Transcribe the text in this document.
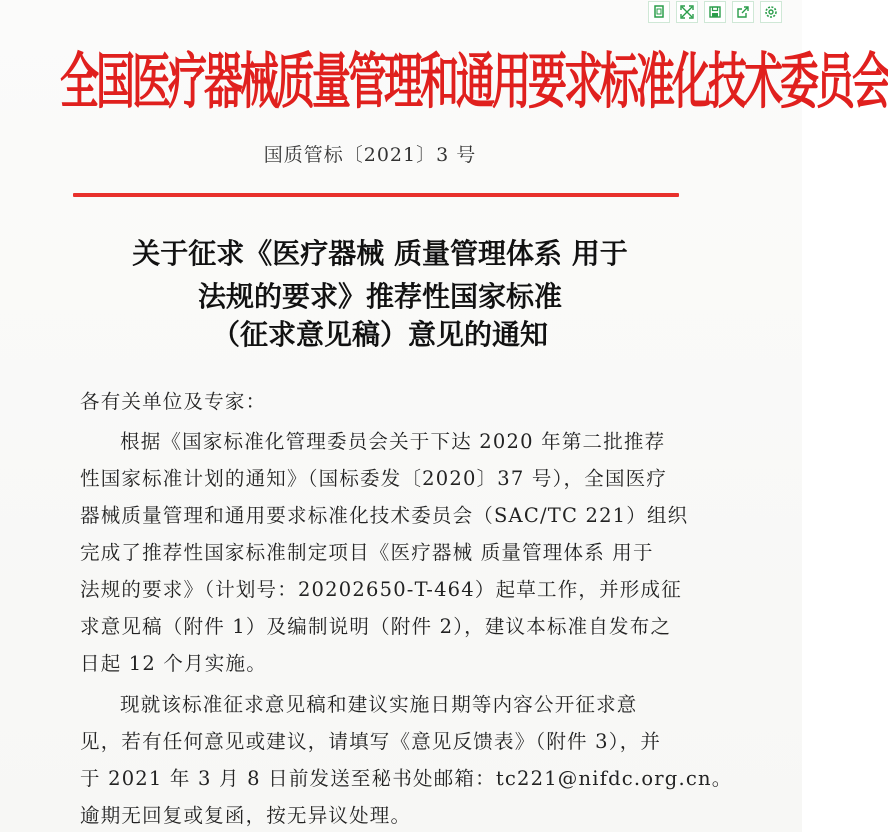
全国医疗器械质量管理和通用要求标准化技术委员会
国质管标〔2021〕3 号
关于征求《医疗器械 质量管理体系 用于
法规的要求》推荐性国家标准
（征求意见稿）意见的通知
各有关单位及专家：
根据《国家标准化管理委员会关于下达 2020 年第二批推荐
性国家标准计划的通知》（国标委发〔2020〕37 号），全国医疗
器械质量管理和通用要求标准化技术委员会（SAC/TC 221）组织
完成了推荐性国家标准制定项目《医疗器械 质量管理体系 用于
法规的要求》（计划号：20202650-T-464）起草工作，并形成征
求意见稿（附件 1）及编制说明（附件 2），建议本标准自发布之
日起 12 个月实施。
现就该标准征求意见稿和建议实施日期等内容公开征求意
见，若有任何意见或建议，请填写《意见反馈表》（附件 3），并
于 2021 年 3 月 8 日前发送至秘书处邮箱：tc221@nifdc.org.cn。
逾期无回复或复函，按无异议处理。
